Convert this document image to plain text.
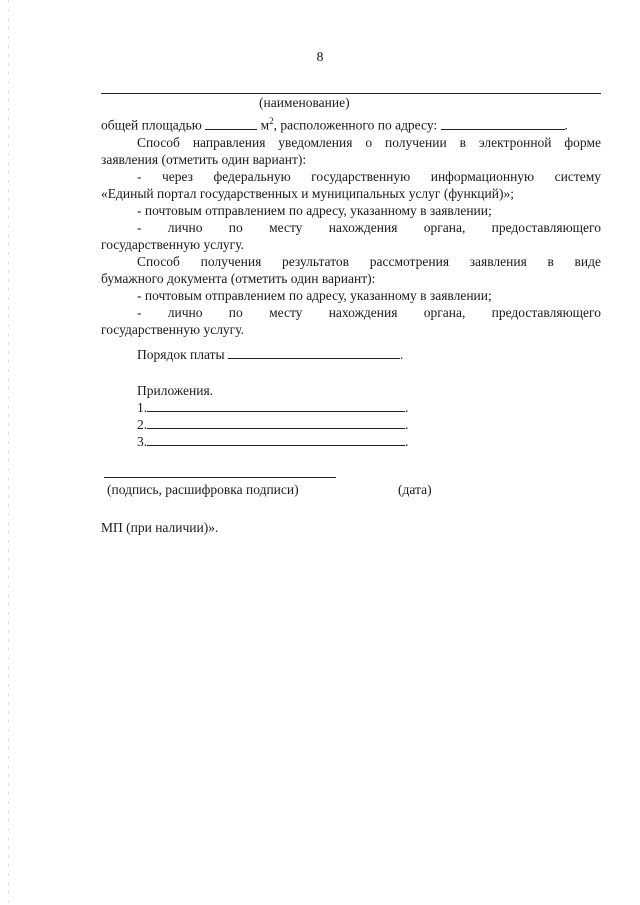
8
(наименование)
общей площадью	$м^2$, расположенного по адресу:	.
Способ направления уведомления о получении в электронной форме
заявления (отметить один вариант):
- через федеральную государственную информационную систему
«Единый портал государственных и муниципальных услуг (функций)»;
- почтовым отправлением по адресу, указанному в заявлении;
- лично по месту нахождения органа, предоставляющего
государственную услугу.
Способ получения результатов рассмотрения заявления в виде
бумажного документа (отметить один вариант):
- почтовым отправлением по адресу, указанному в заявлении;
- лично по месту нахождения органа, предоставляющего
государственную услугу.
Порядок платы	.
Приложения.
1.	.
2.	.
3.	.
(подпись, расшифровка подписи)	(дата)
МП (при наличии)».
